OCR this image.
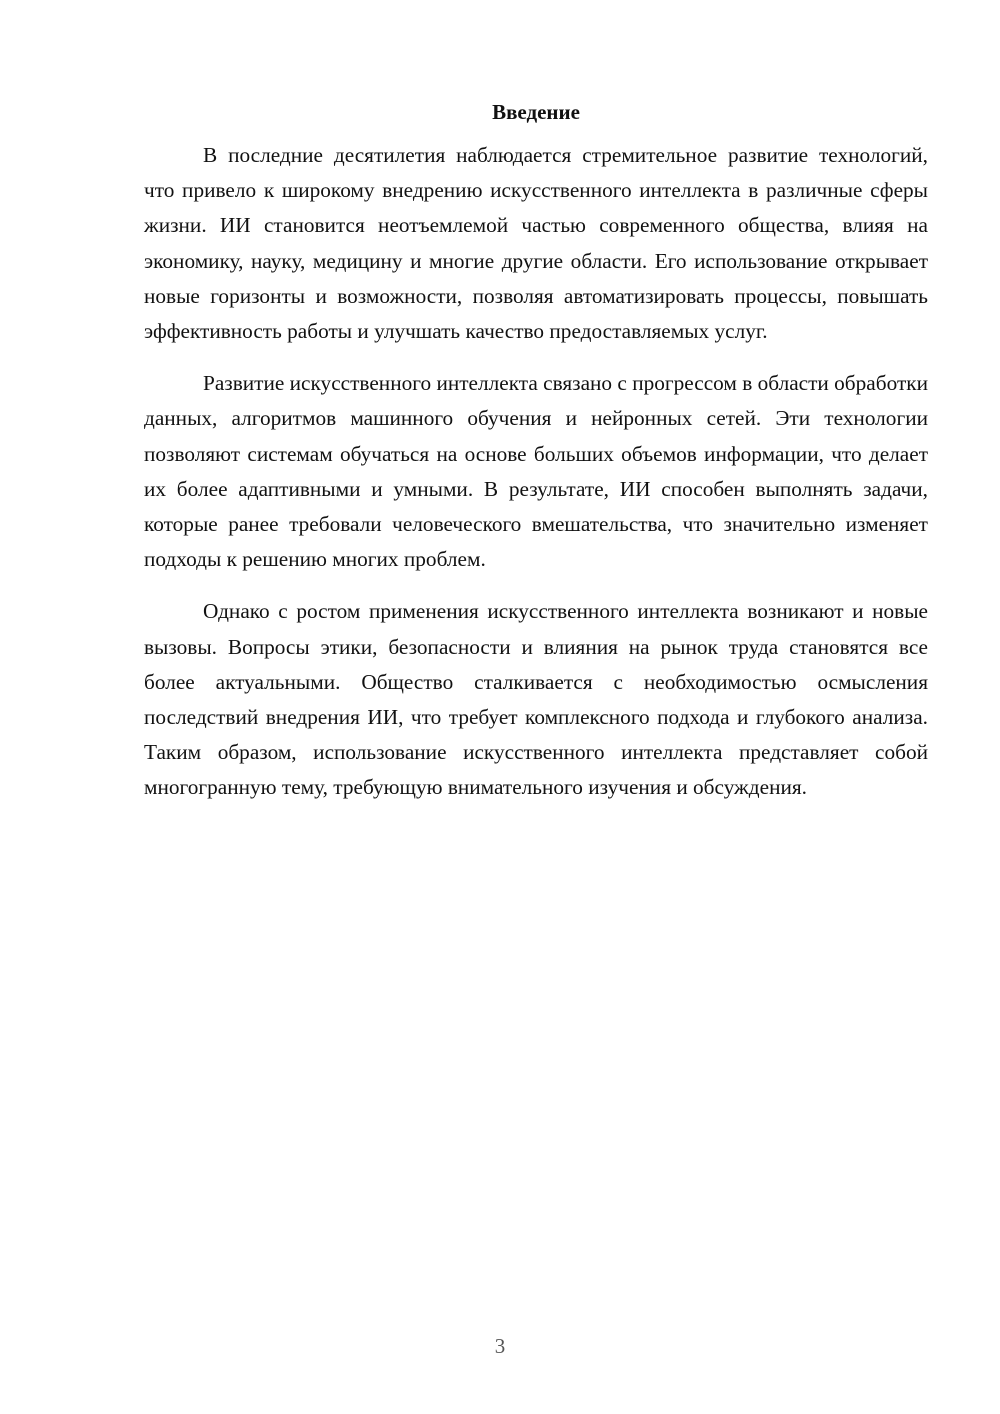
Введение

В последние десятилетия наблюдается стремительное развитие технологий, что привело к широкому внедрению искусственного интеллекта в различные сферы жизни. ИИ становится неотъемлемой частью современного общества, влияя на экономику, науку, медицину и многие другие области. Его использование открывает новые горизонты и возможности, позволяя автоматизировать процессы, повышать эффективность работы и улучшать качество предоставляемых услуг.

Развитие искусственного интеллекта связано с прогрессом в области обработки данных, алгоритмов машинного обучения и нейронных сетей. Эти технологии позволяют системам обучаться на основе больших объемов информации, что делает их более адаптивными и умными. В результате, ИИ способен выполнять задачи, которые ранее требовали человеческого вмешательства, что значительно изменяет подходы к решению многих проблем.

Однако с ростом применения искусственного интеллекта возникают и новые вызовы. Вопросы этики, безопасности и влияния на рынок труда становятся все более актуальными. Общество сталкивается с необходимостью осмысления последствий внедрения ИИ, что требует комплексного подхода и глубокого анализа. Таким образом, использование искусственного интеллекта представляет собой многогранную тему, требующую внимательного изучения и обсуждения.

3
